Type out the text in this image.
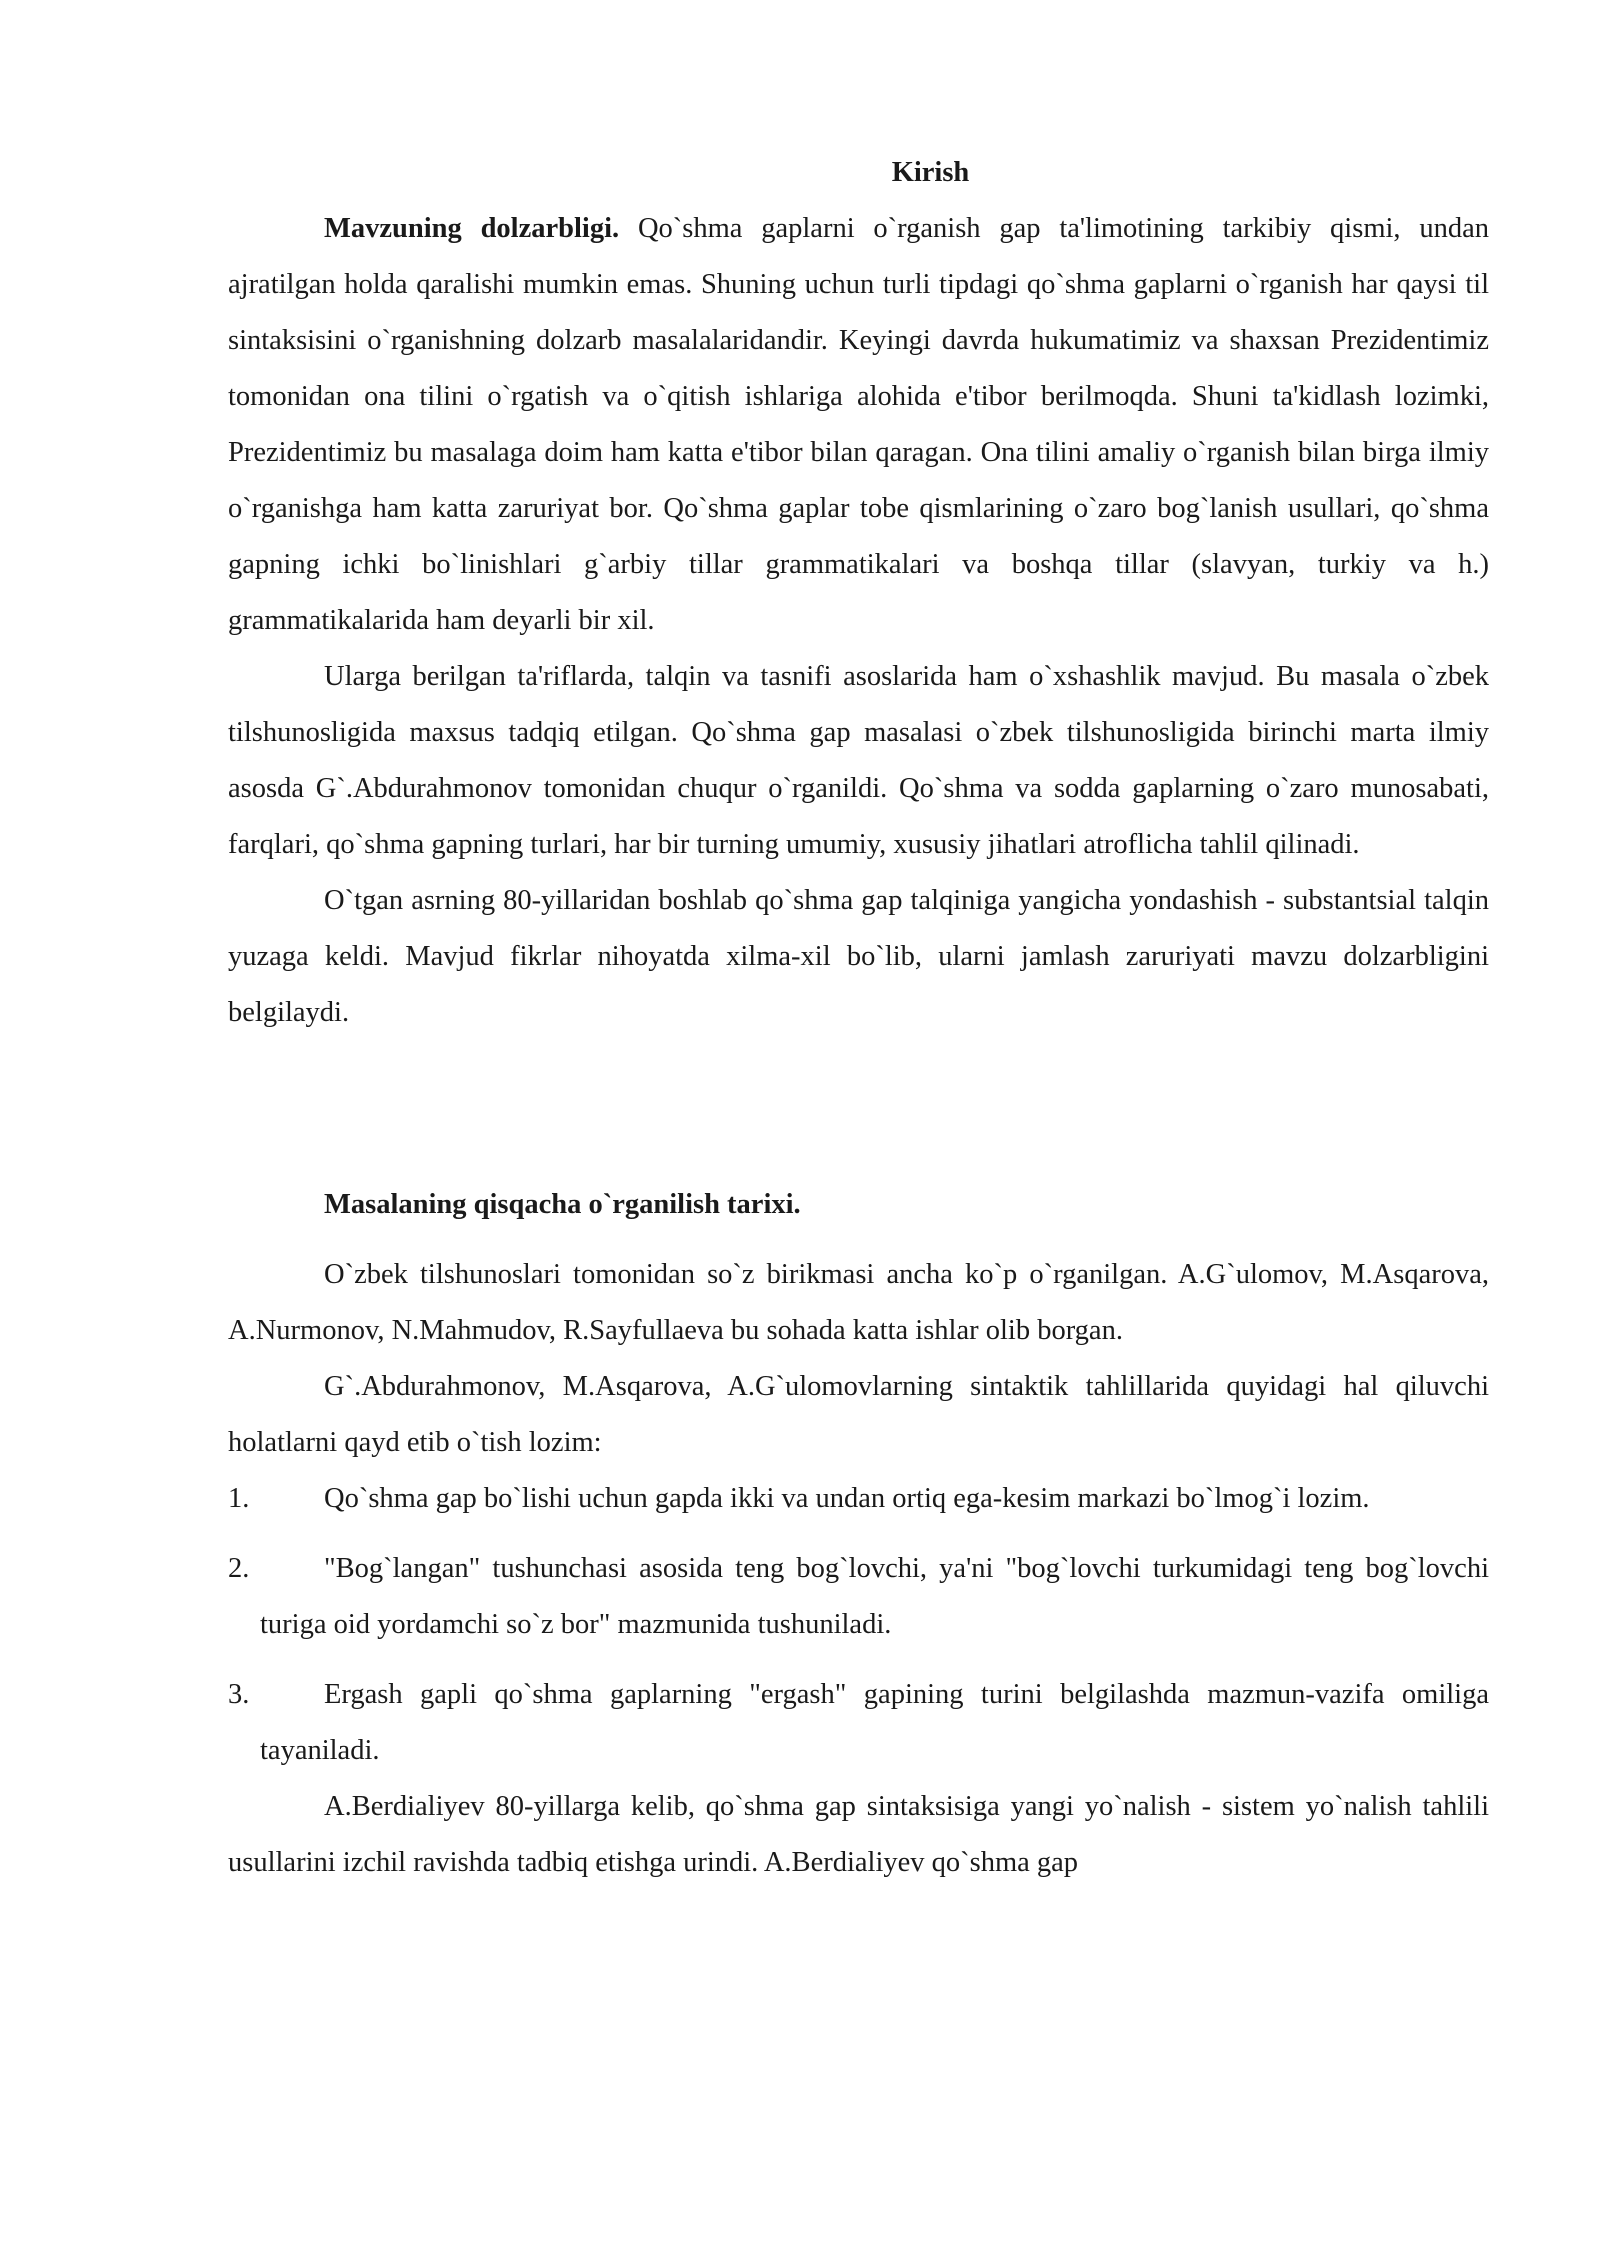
Kirish

Mavzuning dolzarbligi. Qo`shma gaplarni o`rganish gap ta'limotining tarkibiy qismi, undan ajratilgan holda qaralishi mumkin emas. Shuning uchun turli tipdagi qo`shma gaplarni o`rganish har qaysi til sintaksisini o`rganishning dolzarb masalalaridandir. Keyingi davrda hukumatimiz va shaxsan Prezidentimiz tomonidan ona tilini o`rgatish va o`qitish ishlariga alohida e'tibor berilmoqda. Shuni ta'kidlash lozimki, Prezidentimiz bu masalaga doim ham katta e'tibor bilan qaragan. Ona tilini amaliy o`rganish bilan birga ilmiy o`rganishga ham katta zaruriyat bor. Qo`shma gaplar tobe qismlarining o`zaro bog`lanish usullari, qo`shma gapning ichki bo`linishlari g`arbiy tillar grammatikalari va boshqa tillar (slavyan, turkiy va h.) grammatikalarida ham deyarli bir xil.

Ularga berilgan ta'riflarda, talqin va tasnifi asoslarida ham o`xshashlik mavjud. Bu masala o`zbek tilshunosligida maxsus tadqiq etilgan. Qo`shma gap masalasi o`zbek tilshunosligida birinchi marta ilmiy asosda G`.Abdurahmonov tomonidan chuqur o`rganildi. Qo`shma va sodda gaplarning o`zaro munosabati, farqlari, qo`shma gapning turlari, har bir turning umumiy, xususiy jihatlari atroflicha tahlil qilinadi.

O`tgan asrning 80-yillaridan boshlab qo`shma gap talqiniga yangicha yondashish - substantsial talqin yuzaga keldi. Mavjud fikrlar nihoyatda xilma-xil bo`lib, ularni jamlash zaruriyati mavzu dolzarbligini belgilaydi.

Masalaning qisqacha o`rganilish tarixi.

O`zbek tilshunoslari tomonidan so`z birikmasi ancha ko`p o`rganilgan. A.G`ulomov, M.Asqarova, A.Nurmonov, N.Mahmudov, R.Sayfullaeva bu sohada katta ishlar olib borgan.

G`.Abdurahmonov, M.Asqarova, A.G`ulomovlarning sintaktik tahlillarida quyidagi hal qiluvchi holatlarni qayd etib o`tish lozim:

1.	Qo`shma gap bo`lishi uchun gapda ikki va undan ortiq ega-kesim markazi bo`lmog`i lozim.
2.	"Bog`langan" tushunchasi asosida teng bog`lovchi, ya'ni "bog`lovchi turkumidagi teng bog`lovchi turiga oid yordamchi so`z bor" mazmunida tushuniladi.
3.	Ergash gapli qo`shma gaplarning "ergash" gapining turini belgilashda mazmun-vazifa omiliga tayaniladi.

A.Berdialiyev 80-yillarga kelib, qo`shma gap sintaksisiga yangi yo`nalish - sistem yo`nalish tahlili usullarini izchil ravishda tadbiq etishga urindi. A.Berdialiyev qo`shma gap
